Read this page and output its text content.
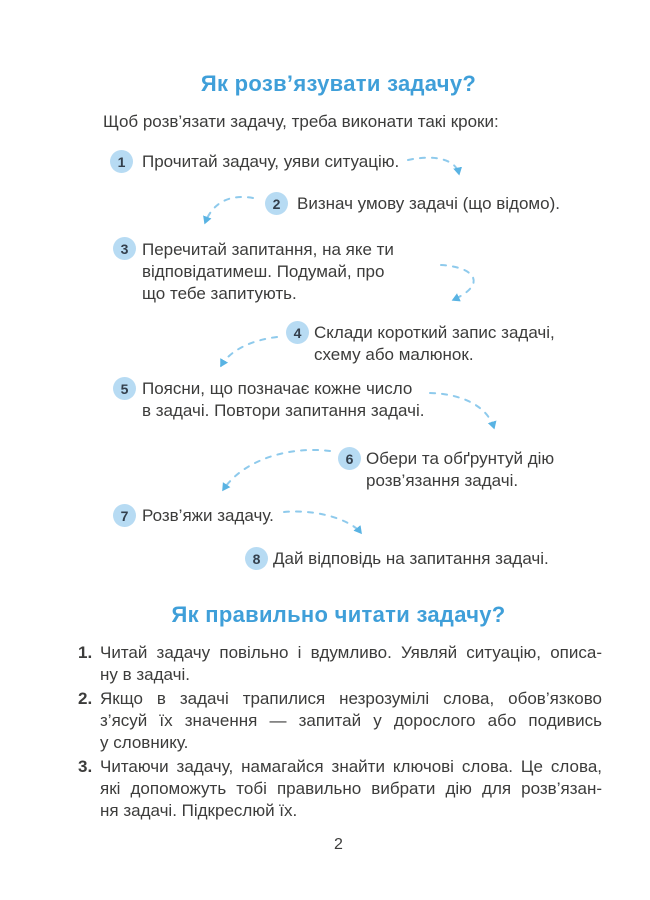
Як розв’язувати задачу?
Щоб розв’язати задачу, треба виконати такі кроки:
1 Прочитай задачу, уяви ситуацію.
2 Визнач умову задачі (що відомо).
3 Перечитай запитання, на яке ти
відповідатимеш. Подумай, про
що тебе запитують.
4 Склади короткий запис задачі,
схему або малюнок.
5 Поясни, що позначає кожне число
в задачі. Повтори запитання задачі.
6 Обери та обґрунтуй дію
розв’язання задачі.
7 Розв’яжи задачу.
8 Дай відповідь на запитання задачі.
Як правильно читати задачу?
1. Читай задачу повільно і вдумливо. Уявляй ситуацію, описа-
ну в задачі.
2. Якщо в задачі трапилися незрозумілі слова, обов’язково
з’ясуй їх значення — запитай у дорослого або подивись
у словнику.
3. Читаючи задачу, намагайся знайти ключові слова. Це слова,
які допоможуть тобі правильно вибрати дію для розв’язан-
ня задачі. Підкреслюй їх.
2
